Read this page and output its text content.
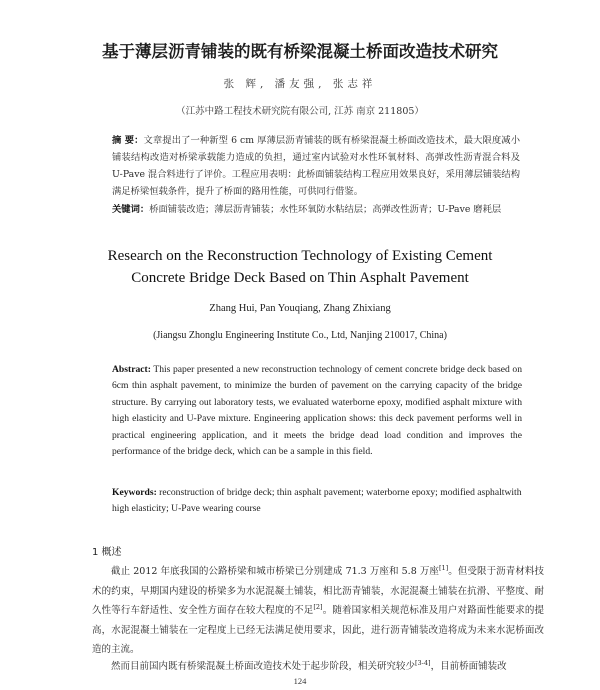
基于薄层沥青铺装的既有桥梁混凝土桥面改造技术研究
张 辉, 潘友强, 张志祥
（江苏中路工程技术研究院有限公司, 江苏 南京 211805）
摘 要：文章提出了一种新型 6 cm 厚薄层沥青铺装的既有桥梁混凝土桥面改造技术，最大限度减小铺装结构改造对桥梁承载能力造成的负担，通过室内试验对水性环氧材料、高弹改性沥青混合料及 U-Pave 混合料进行了评价。工程应用表明：此桥面铺装结构工程应用效果良好，采用薄层铺装结构满足桥梁恒载条件，提升了桥面的路用性能，可供同行借鉴。
关键词：桥面铺装改造；薄层沥青铺装；水性环氧防水粘结层；高弹改性沥青；U-Pave 磨耗层
Research on the Reconstruction Technology of Existing Cement
Concrete Bridge Deck Based on Thin Asphalt Pavement
Zhang Hui, Pan Youqiang, Zhang Zhixiang
(Jiangsu Zhonglu Engineering Institute Co., Ltd, Nanjing 210017, China)
Abstract: This paper presented a new reconstruction technology of cement concrete bridge deck based on 6cm thin asphalt pavement, to minimize the burden of pavement on the carrying capacity of the bridge structure. By carrying out laboratory tests, we evaluated waterborne epoxy, modified asphalt mixture with high elasticity and U-Pave mixture. Engineering application shows: this deck pavement performs well in practical engineering application, and it meets the bridge dead load condition and improves the performance of the bridge deck, which can be a sample in this field.
Keywords: reconstruction of bridge deck; thin asphalt pavement; waterborne epoxy; modified asphaltwith high elasticity; U-Pave wearing course
1 概述
截止 2012 年底我国的公路桥梁和城市桥梁已分别建成 71.3 万座和 5.8 万座[1]。但受限于沥青材料技术的约束，早期国内建设的桥梁多为水泥混凝土铺装，相比沥青铺装，水泥混凝土铺装在抗滑、平整度、耐久性等行车舒适性、安全性方面存在较大程度的不足[2]。随着国家相关规范标准及用户对路面性能要求的提高，水泥混凝土铺装在一定程度上已经无法满足使用要求，因此，进行沥青铺装改造将成为未来水泥桥面改造的主流。
然而目前国内既有桥梁混凝土桥面改造技术处于起步阶段，相关研究较少[3-4]，目前桥面铺装改
124
